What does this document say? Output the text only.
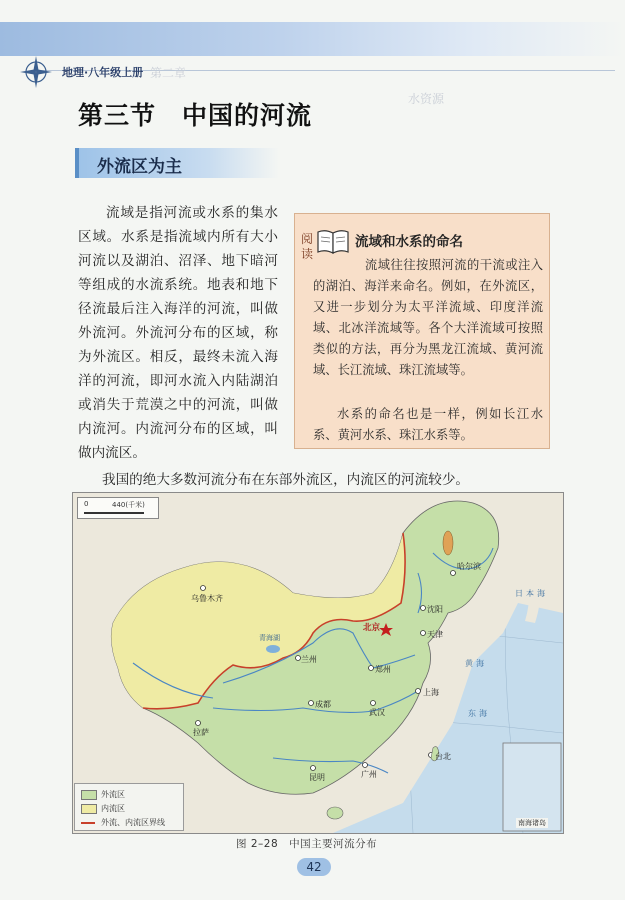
地理·八年级上册 第二章
水资源
第三节　中国的河流
外流区为主
流域是指河流或水系的集水区域。水系是指流域内所有大小河流以及湖泊、沼泽、地下暗河等组成的水流系统。地表和地下径流最后注入海洋的河流，叫做外流河。外流河分布的区域，称为外流区。相反，最终未流入海洋的河流，即河水流入内陆湖泊或消失于荒漠之中的河流，叫做内流河。内流河分布的区域，叫做内流区。
阅读
流域和水系的命名

流域往往按照河流的干流或注入的湖泊、海洋来命名。例如，在外流区，又进一步划分为太平洋流域、印度洋流域、北冰洋流域等。各个大洋流域可按照类似的方法，再分为黑龙江流域、黄河流域、长江流域、珠江流域等。

水系的命名也是一样，例如长江水系、黄河水系、珠江水系等。

我国的绝大多数河流分布在东部外流区，内流区的河流较少。
0	440(千米)
乌鲁木齐
哈尔滨
沈阳
北京
天津
兰州
郑州
成都
武汉
上海
拉萨
台北
昆明	广州
日本海
黄海
东海
青海湖
南海诸岛
外流区
内流区
外流、内流区界线
图 2–28　中国主要河流分布
42
